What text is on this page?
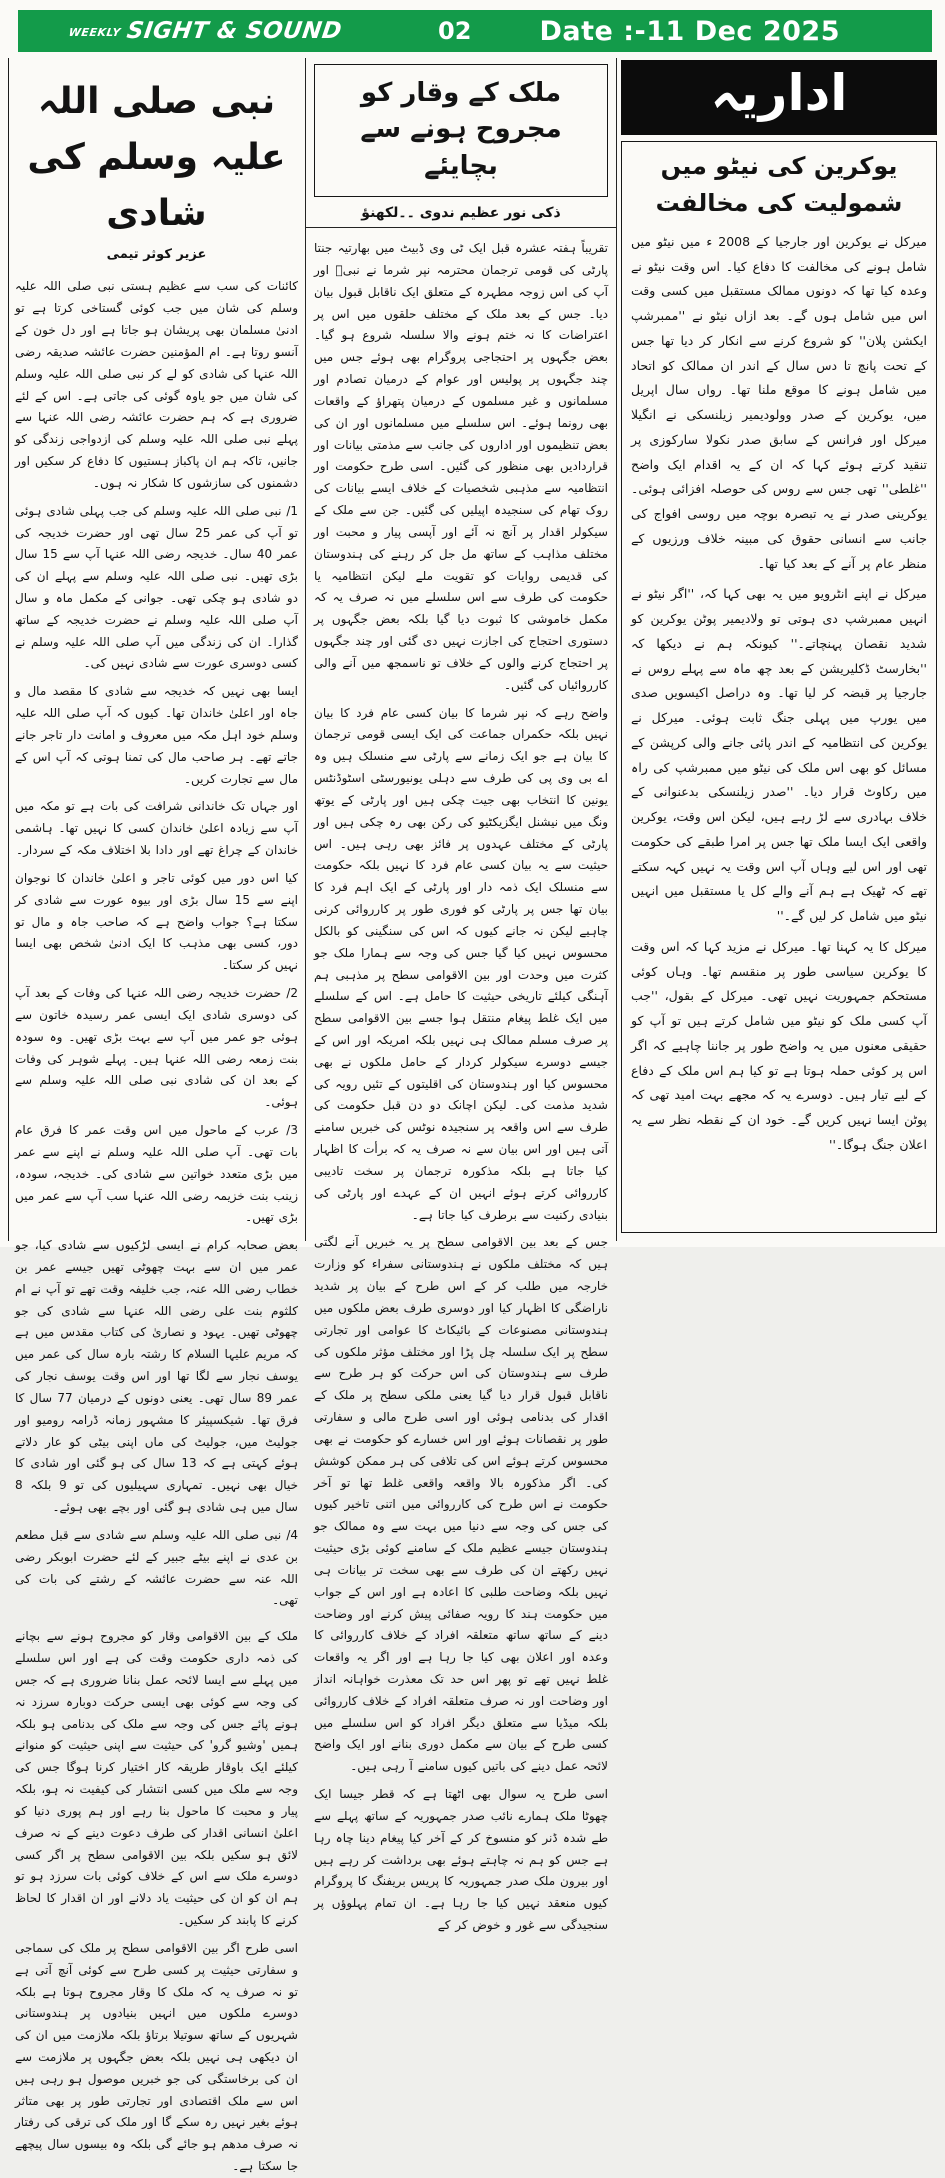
WEEKLY SIGHT & SOUND	02	Date :-11 Dec 2025
نبی صلی اللہ علیہ وسلم کی شادی
عزیر کوثر تیمی

کائنات کی سب سے عظیم ہستی نبی صلی اللہ علیہ وسلم کی شان میں جب کوئی گستاخی کرتا ہے تو ادنیٰ مسلمان بھی پریشان ہو جاتا ہے اور دل خون کے آنسو روتا ہے۔ ام المؤمنین حضرت عائشہ صدیقہ رضی اللہ عنہا کی شادی کو لے کر نبی صلی اللہ علیہ وسلم کی شان میں جو یاوہ گوئی کی جاتی ہے۔ اس کے لئے ضروری ہے کہ ہم حضرت عائشہ رضی اللہ عنہا سے پہلے نبی صلی اللہ علیہ وسلم کی ازدواجی زندگی کو جانیں، تاکہ ہم ان پاکباز ہستیوں کا دفاع کر سکیں اور دشمنوں کی سازشوں کا شکار نہ ہوں۔

1/ نبی صلی اللہ علیہ وسلم کی جب پہلی شادی ہوئی تو آپ کی عمر 25 سال تھی اور حضرت خدیجہ کی عمر 40 سال۔ خدیجہ رضی اللہ عنہا آپ سے 15 سال بڑی تھیں۔ نبی صلی اللہ علیہ وسلم سے پہلے ان کی دو شادی ہو چکی تھی۔ جوانی کے مکمل ماہ و سال آپ صلی اللہ علیہ وسلم نے حضرت خدیجہ کے ساتھ گذارا۔ ان کی زندگی میں آپ صلی اللہ علیہ وسلم نے کسی دوسری عورت سے شادی نہیں کی۔

ایسا بھی نہیں کہ خدیجہ سے شادی کا مقصد مال و جاہ اور اعلیٰ خاندان تھا۔ کیوں کہ آپ صلی اللہ علیہ وسلم خود اہل مکہ میں معروف و امانت دار تاجر جانے جاتے تھے۔ ہر صاحب مال کی تمنا ہوتی کہ آپ اس کے مال سے تجارت کریں۔

اور جہاں تک خاندانی شرافت کی بات ہے تو مکہ میں آپ سے زیادہ اعلیٰ خاندان کسی کا نہیں تھا۔ ہاشمی خاندان کے چراغ تھے اور دادا بلا اختلاف مکہ کے سردار۔

کیا اس دور میں کوئی تاجر و اعلیٰ خاندان کا نوجوان اپنے سے 15 سال بڑی اور بیوہ عورت سے شادی کر سکتا ہے؟ جواب واضح ہے کہ صاحب جاہ و مال تو دور، کسی بھی مذہب کا ایک ادنیٰ شخص بھی ایسا نہیں کر سکتا۔

2/ حضرت خدیجہ رضی اللہ عنہا کی وفات کے بعد آپ کی دوسری شادی ایک ایسی عمر رسیدہ خاتون سے ہوئی جو عمر میں آپ سے بہت بڑی تھیں۔ وہ سودہ بنت زمعہ رضی اللہ عنہا ہیں۔ پہلے شوہر کی وفات کے بعد ان کی شادی نبی صلی اللہ علیہ وسلم سے ہوئی۔

3/ عرب کے ماحول میں اس وقت عمر کا فرق عام بات تھی۔ آپ صلی اللہ علیہ وسلم نے اپنے سے عمر میں بڑی متعدد خواتین سے شادی کی۔ خدیجہ، سودہ، زینب بنت خزیمہ رضی اللہ عنہا سب آپ سے عمر میں بڑی تھیں۔

بعض صحابہ کرام نے ایسی لڑکیوں سے شادی کیا، جو عمر میں ان سے بہت چھوٹی تھیں جیسے عمر بن خطاب رضی اللہ عنہ، جب خلیفہ وقت تھے تو آپ نے ام کلثوم بنت علی رضی اللہ عنہا سے شادی کی جو چھوٹی تھیں۔ یہود و نصاریٰ کی کتاب مقدس میں ہے کہ مریم علیہا السلام کا رشتہ بارہ سال کی عمر میں یوسف نجار سے لگا تھا اور اس وقت یوسف نجار کی عمر 89 سال تھی۔ یعنی دونوں کے درمیان 77 سال کا فرق تھا۔ شیکسپیئر کا مشہور زمانہ ڈرامہ رومیو اور جولیٹ میں، جولیٹ کی ماں اپنی بیٹی کو عار دلاتے ہوئے کہتی ہے کہ 13 سال کی ہو گئی اور شادی کا خیال بھی نہیں۔ تمہاری سہیلیوں کی تو 9 بلکہ 8 سال میں ہی شادی ہو گئی اور بچے بھی ہوئے۔

4/ نبی صلی اللہ علیہ وسلم سے شادی سے قبل مطعم بن عدی نے اپنے بیٹے جبیر کے لئے حضرت ابوبکر رضی اللہ عنہ سے حضرت عائشہ کے رشتے کی بات کی تھی۔

ملک کے بین الاقوامی وقار کو مجروح ہونے سے بچانے کی ذمہ داری حکومت وقت کی ہے اور اس سلسلے میں پہلے سے ایسا لائحہ عمل بنانا ضروری ہے کہ جس کی وجہ سے کوئی بھی ایسی حرکت دوبارہ سرزد نہ ہونے پائے جس کی وجہ سے ملک کی بدنامی ہو بلکہ ہمیں 'وشیو گرو' کی حیثیت سے اپنی حیثیت کو منوانے کیلئے ایک باوقار طریقہ کار اختیار کرنا ہوگا جس کی وجہ سے ملک میں کسی انتشار کی کیفیت نہ ہو، بلکہ پیار و محبت کا ماحول بنا رہے اور ہم پوری دنیا کو اعلیٰ انسانی اقدار کی طرف دعوت دینے کے نہ صرف لائق ہو سکیں بلکہ بین الاقوامی سطح پر اگر کسی دوسرے ملک سے اس کے خلاف کوئی بات سرزد ہو تو ہم ان کو ان کی حیثیت یاد دلانے اور ان اقدار کا لحاظ کرنے کا پابند کر سکیں۔

اسی طرح اگر بین الاقوامی سطح پر ملک کی سماجی و سفارتی حیثیت پر کسی طرح سے کوئی آنچ آتی ہے تو نہ صرف یہ کہ ملک کا وقار مجروح ہوتا ہے بلکہ دوسرے ملکوں میں انہیں بنیادوں پر ہندوستانی شہریوں کے ساتھ سوتیلا برتاؤ بلکہ ملازمت میں ان کی ان دیکھی ہی نہیں بلکہ بعض جگہوں پر ملازمت سے ان کی برخاستگی کی جو خبریں موصول ہو رہی ہیں اس سے ملک اقتصادی اور تجارتی طور پر بھی متاثر ہوئے بغیر نہیں رہ سکے گا اور ملک کی ترقی کی رفتار نہ صرف مدھم ہو جائے گی بلکہ وہ بیسوں سال پیچھے جا سکتا ہے۔

ملک کے وقار کو مجروح ہونے سے بچایئے
ذکی نور عظیم ندوی ۔۔لکھنؤ

تقریباً ہفتہ عشرہ قبل ایک ٹی وی ڈبیٹ میں بھارتیہ جنتا پارٹی کی قومی ترجمان محترمہ نپر شرما نے نبیؐ اور آپ کی اس زوجہ مطہرہ کے متعلق ایک ناقابل قبول بیان دیا۔ جس کے بعد ملک کے مختلف حلقوں میں اس پر اعتراضات کا نہ ختم ہونے والا سلسلہ شروع ہو گیا۔ بعض جگہوں پر احتجاجی پروگرام بھی ہوئے جس میں چند جگہوں پر پولیس اور عوام کے درمیان تصادم اور مسلمانوں و غیر مسلموں کے درمیان پتھراؤ کے واقعات بھی رونما ہوئے۔ اس سلسلے میں مسلمانوں اور ان کی بعض تنظیموں اور اداروں کی جانب سے مذمتی بیانات اور قراردادیں بھی منظور کی گئیں۔ اسی طرح حکومت اور انتظامیہ سے مذہبی شخصیات کے خلاف ایسے بیانات کی روک تھام کی سنجیدہ اپیلیں کی گئیں۔ جن سے ملک کے سیکولر اقدار پر آنچ نہ آئے اور آپسی پیار و محبت اور مختلف مذاہب کے ساتھ مل جل کر رہنے کی ہندوستان کی قدیمی روایات کو تقویت ملے لیکن انتظامیہ یا حکومت کی طرف سے اس سلسلے میں نہ صرف یہ کہ مکمل خاموشی کا ثبوت دیا گیا بلکہ بعض جگہوں پر دستوری احتجاج کی اجازت نہیں دی گئی اور چند جگہوں پر احتجاج کرنے والوں کے خلاف تو ناسمجھ میں آنے والی کارروائیاں کی گئیں۔

واضح رہے کہ نپر شرما کا بیان کسی عام فرد کا بیان نہیں بلکہ حکمراں جماعت کی ایک ایسی قومی ترجمان کا بیان ہے جو ایک زمانے سے پارٹی سے منسلک ہیں وہ اے بی وی پی کی طرف سے دہلی یونیورسٹی اسٹوڈنٹس یونین کا انتخاب بھی جیت چکی ہیں اور پارٹی کے یوتھ ونگ میں نیشنل ایگزیکٹیو کی رکن بھی رہ چکی ہیں اور پارٹی کے مختلف عہدوں پر فائز بھی رہی ہیں۔ اس حیثیت سے یہ بیان کسی عام فرد کا نہیں بلکہ حکومت سے منسلک ایک ذمہ دار اور پارٹی کے ایک اہم فرد کا بیان تھا جس پر پارٹی کو فوری طور پر کارروائی کرنی چاہیے لیکن نہ جانے کیوں کہ اس کی سنگینی کو بالکل محسوس نہیں کیا گیا جس کی وجہ سے ہمارا ملک جو کثرت میں وحدت اور بین الاقوامی سطح پر مذہبی ہم آہنگی کیلئے تاریخی حیثیت کا حامل ہے۔ اس کے سلسلے میں ایک غلط پیغام منتقل ہوا جسے بین الاقوامی سطح پر صرف مسلم ممالک ہی نہیں بلکہ امریکہ اور اس کے جیسے دوسرے سیکولر کردار کے حامل ملکوں نے بھی محسوس کیا اور ہندوستان کی اقلیتوں کے تئیں رویہ کی شدید مذمت کی۔ لیکن اچانک دو دن قبل حکومت کی طرف سے اس واقعہ پر سنجیدہ نوٹس کی خبریں سامنے آتی ہیں اور اس بیان سے نہ صرف یہ کہ برأت کا اظہار کیا جاتا ہے بلکہ مذکورہ ترجمان پر سخت تادیبی کارروائی کرتے ہوئے انہیں ان کے عہدے اور پارٹی کی بنیادی رکنیت سے برطرف کیا جاتا ہے۔

جس کے بعد بین الاقوامی سطح پر یہ خبریں آنے لگتی ہیں کہ مختلف ملکوں نے ہندوستانی سفراء کو وزارت خارجہ میں طلب کر کے اس طرح کے بیان پر شدید ناراضگی کا اظہار کیا اور دوسری طرف بعض ملکوں میں ہندوستانی مصنوعات کے بائیکاٹ کا عوامی اور تجارتی سطح پر ایک سلسلہ چل پڑا اور مختلف مؤثر ملکوں کی طرف سے ہندوستان کی اس حرکت کو ہر طرح سے ناقابل قبول قرار دیا گیا یعنی ملکی سطح پر ملک کے اقدار کی بدنامی ہوئی اور اسی طرح مالی و سفارتی طور پر نقصانات ہوئے اور اس خسارے کو حکومت نے بھی محسوس کرتے ہوئے اس کی تلافی کی ہر ممکن کوشش کی۔ اگر مذکورہ بالا واقعہ واقعی غلط تھا تو آخر حکومت نے اس طرح کی کارروائی میں اتنی تاخیر کیوں کی جس کی وجہ سے دنیا میں بہت سے وہ ممالک جو ہندوستان جیسے عظیم ملک کے سامنے کوئی بڑی حیثیت نہیں رکھتے ان کی طرف سے بھی سخت تر بیانات ہی نہیں بلکہ وضاحت طلبی کا اعادہ ہے اور اس کے جواب میں حکومت ہند کا رویہ صفائی پیش کرنے اور وضاحت دینے کے ساتھ ساتھ متعلقہ افراد کے خلاف کارروائی کا وعدہ اور اعلان بھی کیا جا رہا ہے اور اگر یہ واقعات غلط نہیں تھے تو پھر اس حد تک معذرت خواہانہ انداز اور وضاحت اور نہ صرف متعلقہ افراد کے خلاف کارروائی بلکہ میڈیا سے متعلق دیگر افراد کو اس سلسلے میں کسی طرح کے بیان سے مکمل دوری بنانے اور ایک واضح لائحہ عمل دینے کی باتیں کیوں سامنے آ رہی ہیں۔

اسی طرح یہ سوال بھی اٹھتا ہے کہ قطر جیسا ایک چھوٹا ملک ہمارے نائب صدر جمہوریہ کے ساتھ پہلے سے طے شدہ ڈنر کو منسوخ کر کے آخر کیا پیغام دینا چاہ رہا ہے جس کو ہم نہ چاہتے ہوئے بھی برداشت کر رہے ہیں اور بیرون ملک صدر جمہوریہ کا پریس بریفنگ کا پروگرام کیوں منعقد نہیں کیا جا رہا ہے۔ ان تمام پہلوؤں پر سنجیدگی سے غور و خوض کر کے

اداریہ
یوکرین کی نیٹو میں شمولیت کی مخالفت

میرکل نے یوکرین اور جارجیا کے 2008 ء میں نیٹو میں شامل ہونے کی مخالفت کا دفاع کیا۔ اس وقت نیٹو نے وعدہ کیا تھا کہ دونوں ممالک مستقبل میں کسی وقت اس میں شامل ہوں گے۔ بعد ازاں نیٹو نے ''ممبرشپ ایکشن پلان'' کو شروع کرنے سے انکار کر دیا تھا جس کے تحت پانچ تا دس سال کے اندر ان ممالک کو اتحاد میں شامل ہونے کا موقع ملنا تھا۔ رواں سال اپریل میں، یوکرین کے صدر وولودیمیر زیلنسکی نے انگیلا میرکل اور فرانس کے سابق صدر نکولا سارکوزی پر تنقید کرتے ہوئے کہا کہ ان کے یہ اقدام ایک واضح ''غلطی'' تھی جس سے روس کی حوصلہ افزائی ہوئی۔ یوکرینی صدر نے یہ تبصرہ بوچہ میں روسی افواج کی جانب سے انسانی حقوق کی مبینہ خلاف ورزیوں کے منظر عام پر آنے کے بعد کیا تھا۔

میرکل نے اپنے انٹرویو میں یہ بھی کہا کہ، ''اگر نیٹو نے انہیں ممبرشپ دی ہوتی تو ولادیمیر پوٹن یوکرین کو شدید نقصان پہنچاتے۔'' کیونکہ ہم نے دیکھا کہ ''بخارسٹ ڈکلیریشن کے بعد چھ ماہ سے پہلے روس نے جارجیا پر قبضہ کر لیا تھا۔ وہ دراصل اکیسویں صدی میں یورپ میں پہلی جنگ ثابت ہوئی۔ میرکل نے یوکرین کی انتظامیہ کے اندر پائی جانے والی کرپشن کے مسائل کو بھی اس ملک کی نیٹو میں ممبرشپ کی راہ میں رکاوٹ قرار دیا۔ ''صدر زیلنسکی بدعنوانی کے خلاف بہادری سے لڑ رہے ہیں، لیکن اس وقت، یوکرین واقعی ایک ایسا ملک تھا جس پر امرا طبقے کی حکومت تھی اور اس لیے وہاں آپ اس وقت یہ نہیں کہہ سکتے تھے کہ ٹھیک ہے ہم آنے والے کل یا مستقبل میں انہیں نیٹو میں شامل کر لیں گے۔''

میرکل کا یہ کہنا تھا۔ میرکل نے مزید کہا کہ اس وقت کا یوکرین سیاسی طور پر منقسم تھا۔ وہاں کوئی مستحکم جمہوریت نہیں تھی۔ میرکل کے بقول، ''جب آپ کسی ملک کو نیٹو میں شامل کرتے ہیں تو آپ کو حقیقی معنوں میں یہ واضح طور پر جاننا چاہیے کہ اگر اس پر کوئی حملہ ہوتا ہے تو کیا ہم اس ملک کے دفاع کے لیے تیار ہیں۔ دوسرے یہ کہ مجھے بہت امید تھی کہ پوٹن ایسا نہیں کریں گے۔ خود ان کے نقطہ نظر سے یہ اعلان جنگ ہوگا۔''
